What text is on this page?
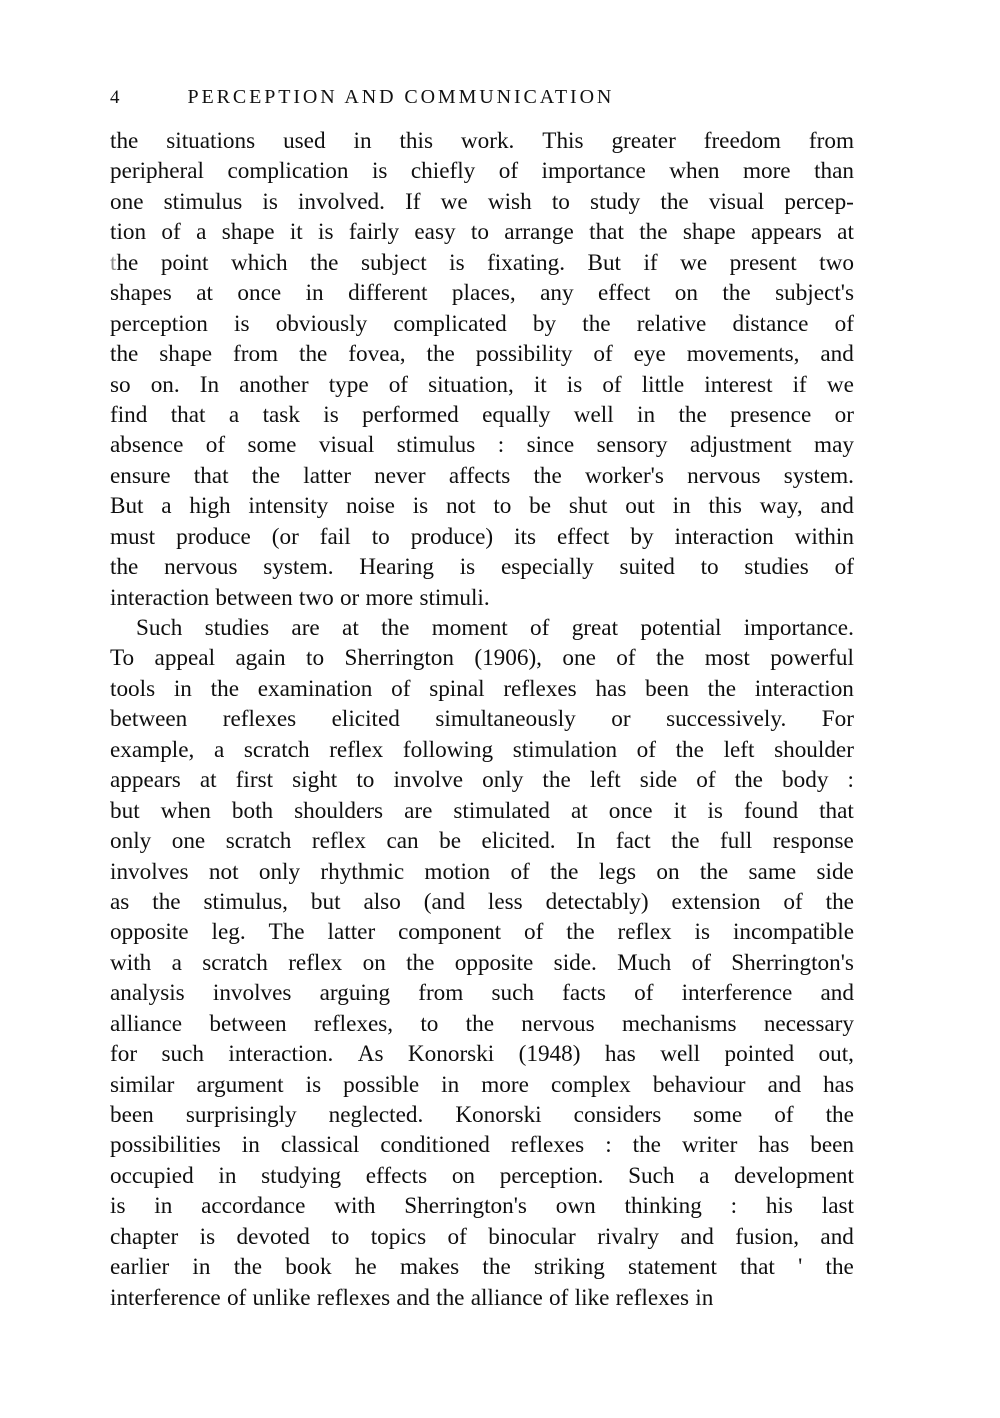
4	PERCEPTION AND COMMUNICATION
the situations used in this work. This greater freedom from
peripheral complication is chiefly of importance when more than
one stimulus is involved. If we wish to study the visual percep-
tion of a shape it is fairly easy to arrange that the shape appears at
the point which the subject is fixating. But if we present two
shapes at once in different places, any effect on the subject's
perception is obviously complicated by the relative distance of
the shape from the fovea, the possibility of eye movements, and
so on. In another type of situation, it is of little interest if we
find that a task is performed equally well in the presence or
absence of some visual stimulus : since sensory adjustment may
ensure that the latter never affects the worker's nervous system.
But a high intensity noise is not to be shut out in this way, and
must produce (or fail to produce) its effect by interaction within
the nervous system. Hearing is especially suited to studies of
interaction between two or more stimuli.
Such studies are at the moment of great potential importance.
To appeal again to Sherrington (1906), one of the most powerful
tools in the examination of spinal reflexes has been the interaction
between reflexes elicited simultaneously or successively. For
example, a scratch reflex following stimulation of the left shoulder
appears at first sight to involve only the left side of the body :
but when both shoulders are stimulated at once it is found that
only one scratch reflex can be elicited. In fact the full response
involves not only rhythmic motion of the legs on the same side
as the stimulus, but also (and less detectably) extension of the
opposite leg. The latter component of the reflex is incompatible
with a scratch reflex on the opposite side. Much of Sherrington's
analysis involves arguing from such facts of interference and
alliance between reflexes, to the nervous mechanisms necessary
for such interaction. As Konorski (1948) has well pointed out,
similar argument is possible in more complex behaviour and has
been surprisingly neglected. Konorski considers some of the
possibilities in classical conditioned reflexes : the writer has been
occupied in studying effects on perception. Such a development
is in accordance with Sherrington's own thinking : his last
chapter is devoted to topics of binocular rivalry and fusion, and
earlier in the book he makes the striking statement that ' the
interference of unlike reflexes and the alliance of like reflexes in
